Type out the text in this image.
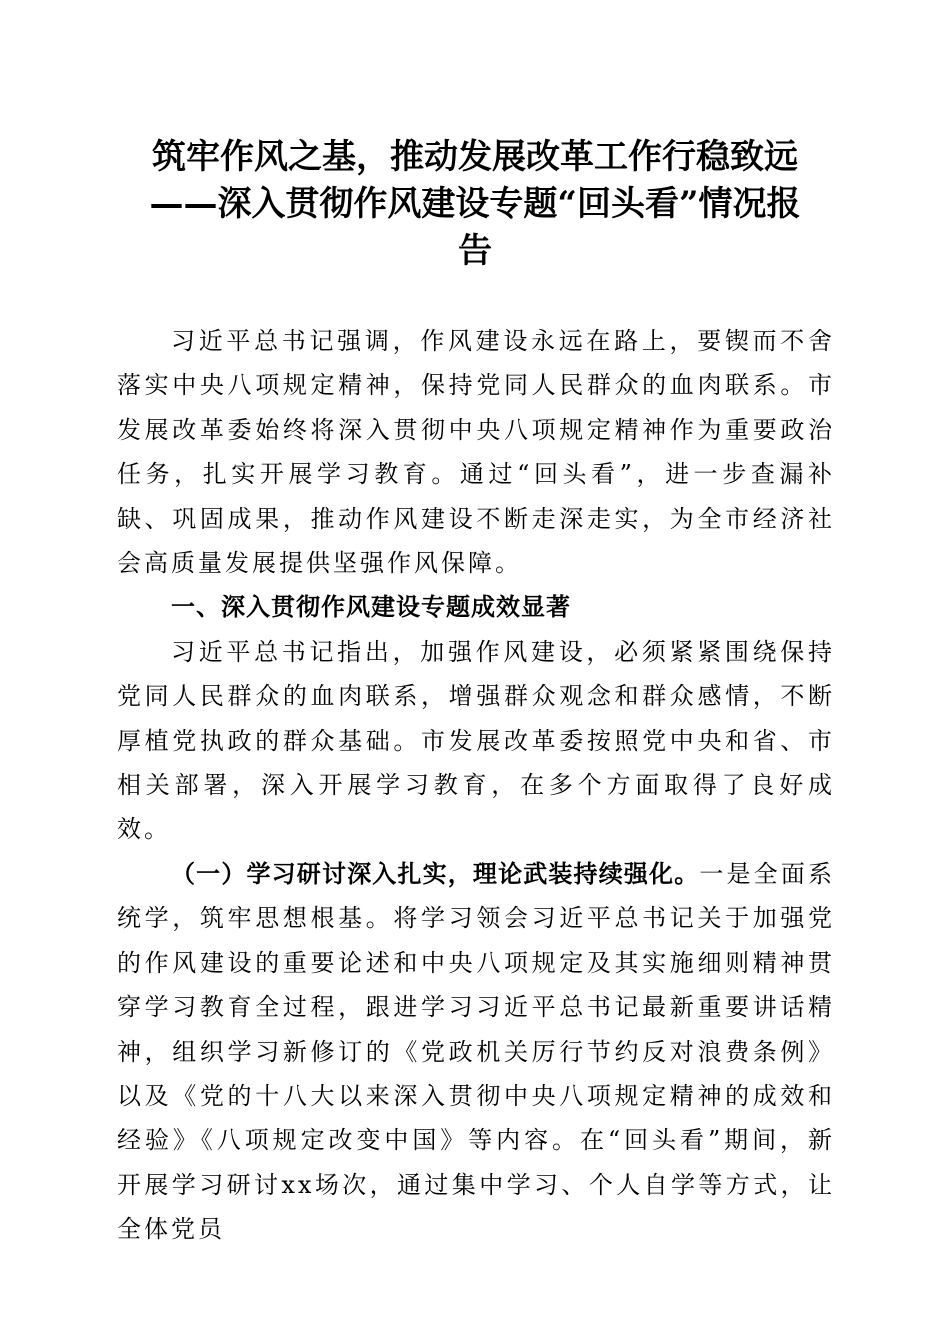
筑牢作风之基，推动发展改革工作行稳致远
——深入贯彻作风建设专题“回头看”情况报
告

习近平总书记强调，作风建设永远在路上，要锲而不舍落实中央八项规定精神，保持党同人民群众的血肉联系。市发展改革委始终将深入贯彻中央八项规定精神作为重要政治任务，扎实开展学习教育。通过“回头看”，进一步查漏补缺、巩固成果，推动作风建设不断走深走实，为全市经济社会高质量发展提供坚强作风保障。

一、深入贯彻作风建设专题成效显著

习近平总书记指出，加强作风建设，必须紧紧围绕保持党同人民群众的血肉联系，增强群众观念和群众感情，不断厚植党执政的群众基础。市发展改革委按照党中央和省、市相关部署，深入开展学习教育，在多个方面取得了良好成效。

（一）学习研讨深入扎实，理论武装持续强化。一是全面系统学，筑牢思想根基。将学习领会习近平总书记关于加强党的作风建设的重要论述和中央八项规定及其实施细则精神贯穿学习教育全过程，跟进学习习近平总书记最新重要讲话精神，组织学习新修订的《党政机关厉行节约反对浪费条例》以及《党的十八大以来深入贯彻中央八项规定精神的成效和经验》《八项规定改变中国》等内容。在“回头看”期间，新开展学习研讨xx场次，通过集中学习、个人自学等方式，让全体党员
